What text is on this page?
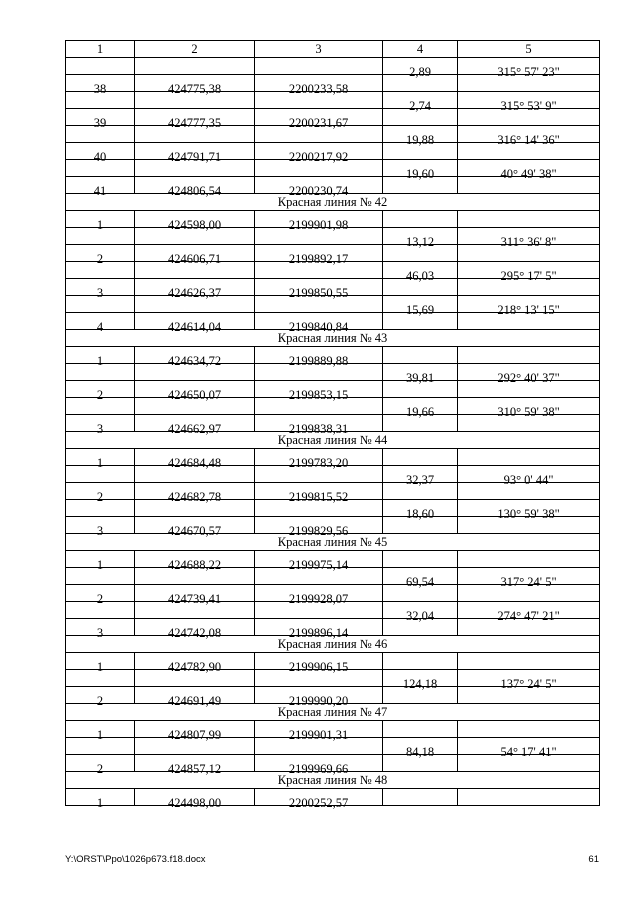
1	2	3	4	5
			2,89	315° 57' 23"
38	424775,38	2200233,58		
			2,74	315° 53' 9"
39	424777,35	2200231,67		
			19,88	316° 14' 36"
40	424791,71	2200217,92		
			19,60	40° 49' 38"
41	424806,54	2200230,74		
Красная линия № 42				
1	424598,00	2199901,98		
			13,12	311° 36' 8"
2	424606,71	2199892,17		
			46,03	295° 17' 5"
3	424626,37	2199850,55		
			15,69	218° 13' 15"
4	424614,04	2199840,84		
Красная линия № 43				
1	424634,72	2199889,88		
			39,81	292° 40' 37"
2	424650,07	2199853,15		
			19,66	310° 59' 38"
3	424662,97	2199838,31		
Красная линия № 44				
1	424684,48	2199783,20		
			32,37	93° 0' 44"
2	424682,78	2199815,52		
			18,60	130° 59' 38"
3	424670,57	2199829,56		
Красная линия № 45				
1	424688,22	2199975,14		
			69,54	317° 24' 5"
2	424739,41	2199928,07		
			32,04	274° 47' 21"
3	424742,08	2199896,14		
Красная линия № 46				
1	424782,90	2199906,15		
			124,18	137° 24' 5"
2	424691,49	2199990,20		
Красная линия № 47				
1	424807,99	2199901,31		
			84,18	54° 17' 41"
2	424857,12	2199969,66		
Красная линия № 48				
1	424498,00	2200252,57		
Y:\ORST\Ppo\1026p673.f18.docx	61
